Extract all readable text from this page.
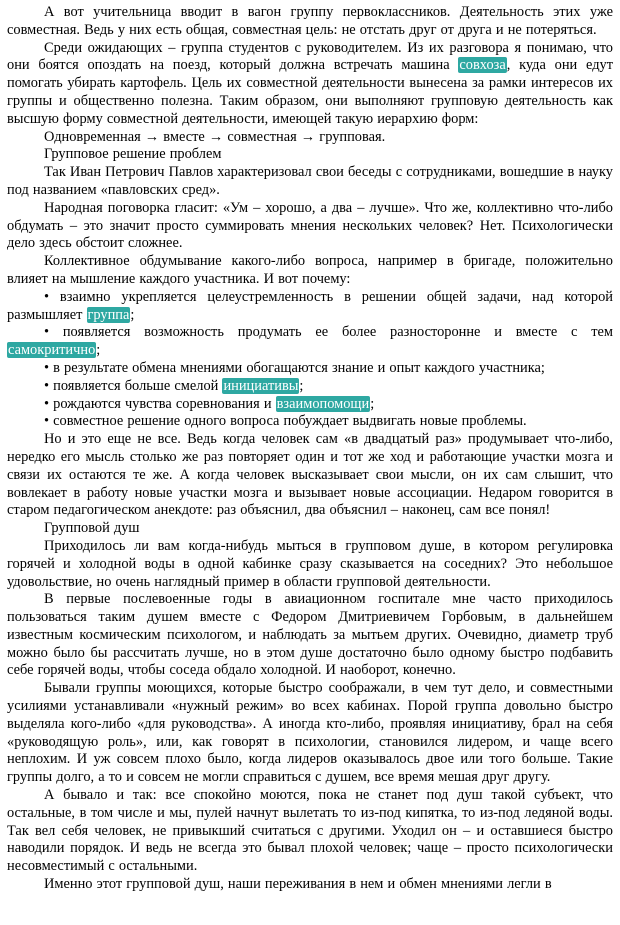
А вот учительница вводит в вагон группу первоклассников. Деятельность этих уже совместная. Ведь у них есть общая, совместная цель: не отстать друг от друга и не потеряться.

Среди ожидающих – группа студентов с руководителем. Из их разговора я понимаю, что они боятся опоздать на поезд, который должна встречать машина совхоза, куда они едут помогать убирать картофель. Цель их совместной деятельности вынесена за рамки интересов их группы и общественно полезна. Таким образом, они выполняют групповую деятельность как высшую форму совместной деятельности, имеющей такую иерархию форм:

Одновременная → вместе → совместная → групповая.

Групповое решение проблем

Так Иван Петрович Павлов характеризовал свои беседы с сотрудниками, вошедшие в науку под названием «павловских сред».

Народная поговорка гласит: «Ум – хорошо, а два – лучше». Что же, коллективно что-либо обдумать – это значит просто суммировать мнения нескольких человек? Нет. Психологически дело здесь обстоит сложнее.

Коллективное обдумывание какого-либо вопроса, например в бригаде, положительно влияет на мышление каждого участника. И вот почему:

• взаимно укрепляется целеустремленность в решении общей задачи, над которой размышляет группа;

• появляется возможность продумать ее более разносторонне и вместе с тем самокритично;

• в результате обмена мнениями обогащаются знание и опыт каждого участника;

• появляется больше смелой инициативы;

• рождаются чувства соревнования и взаимопомощи;

• совместное решение одного вопроса побуждает выдвигать новые проблемы.

Но и это еще не все. Ведь когда человек сам «в двадцатый раз» продумывает что-либо, нередко его мысль столько же раз повторяет один и тот же ход и работающие участки мозга и связи их остаются те же. А когда человек высказывает свои мысли, он их сам слышит, что вовлекает в работу новые участки мозга и вызывает новые ассоциации. Недаром говорится в старом педагогическом анекдоте: раз объяснил, два объяснил – наконец, сам все понял!

Групповой душ

Приходилось ли вам когда-нибудь мыться в групповом душе, в котором регулировка горячей и холодной воды в одной кабинке сразу сказывается на соседних? Это небольшое удовольствие, но очень наглядный пример в области групповой деятельности.

В первые послевоенные годы в авиационном госпитале мне часто приходилось пользоваться таким душем вместе с Федором Дмитриевичем Горбовым, в дальнейшем известным космическим психологом, и наблюдать за мытьем других. Очевидно, диаметр труб можно было бы рассчитать лучше, но в этом душе достаточно было одному быстро подбавить себе горячей воды, чтобы соседа обдало холодной. И наоборот, конечно.

Бывали группы моющихся, которые быстро соображали, в чем тут дело, и совместными усилиями устанавливали «нужный режим» во всех кабинах. Порой группа довольно быстро выделяла кого-либо «для руководства». А иногда кто-либо, проявляя инициативу, брал на себя «руководящую роль», или, как говорят в психологии, становился лидером, и чаще всего неплохим. И уж совсем плохо было, когда лидеров оказывалось двое или того больше. Такие группы долго, а то и совсем не могли справиться с душем, все время мешая друг другу.

А бывало и так: все спокойно моются, пока не станет под душ такой субъект, что остальные, в том числе и мы, пулей начнут вылетать то из-под кипятка, то из-под ледяной воды. Так вел себя человек, не привыкший считаться с другими. Уходил он – и оставшиеся быстро наводили порядок. И ведь не всегда это бывал плохой человек; чаще – просто психологически несовместимый с остальными.

Именно этот групповой душ, наши переживания в нем и обмен мнениями легли в
